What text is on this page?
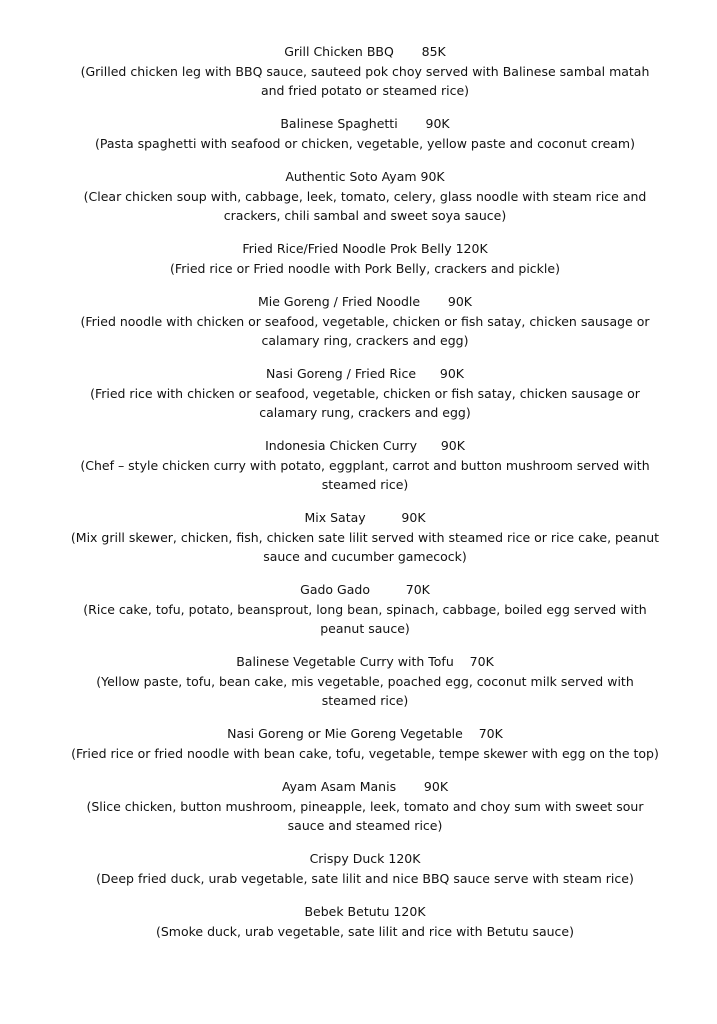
Grill Chicken BBQ 85K
(Grilled chicken leg with BBQ sauce, sauteed pok choy served with Balinese sambal matah and fried potato or steamed rice)
Balinese Spaghetti 90K
(Pasta spaghetti with seafood or chicken, vegetable, yellow paste and coconut cream)
Authentic Soto Ayam 90K
(Clear chicken soup with, cabbage, leek, tomato, celery, glass noodle with steam rice and crackers, chili sambal and sweet soya sauce)
Fried Rice/Fried Noodle Prok Belly 120K
(Fried rice or Fried noodle with Pork Belly, crackers and pickle)
Mie Goreng / Fried Noodle 90K
(Fried noodle with chicken or seafood, vegetable, chicken or fish satay, chicken sausage or calamary ring, crackers and egg)
Nasi Goreng / Fried Rice 90K
(Fried rice with chicken or seafood, vegetable, chicken or fish satay, chicken sausage or calamary rung, crackers and egg)
Indonesia Chicken Curry 90K
(Chef – style chicken curry with potato, eggplant, carrot and button mushroom served with steamed rice)
Mix Satay	90K
(Mix grill skewer, chicken, fish, chicken sate lilit served with steamed rice or rice cake, peanut sauce and cucumber gamecock)
Gado Gado	70K
(Rice cake, tofu, potato, beansprout, long bean, spinach, cabbage, boiled egg served with peanut sauce)
Balinese Vegetable Curry with Tofu 70K
(Yellow paste, tofu, bean cake, mis vegetable, poached egg, coconut milk served with steamed rice)
Nasi Goreng or Mie Goreng Vegetable 70K
(Fried rice or fried noodle with bean cake, tofu, vegetable, tempe skewer with egg on the top)
Ayam Asam Manis 90K
(Slice chicken, button mushroom, pineapple, leek, tomato and choy sum with sweet sour sauce and steamed rice)
Crispy Duck 120K
(Deep fried duck, urab vegetable, sate lilit and nice BBQ sauce serve with steam rice)
Bebek Betutu 120K
(Smoke duck, urab vegetable, sate lilit and rice with Betutu sauce)
